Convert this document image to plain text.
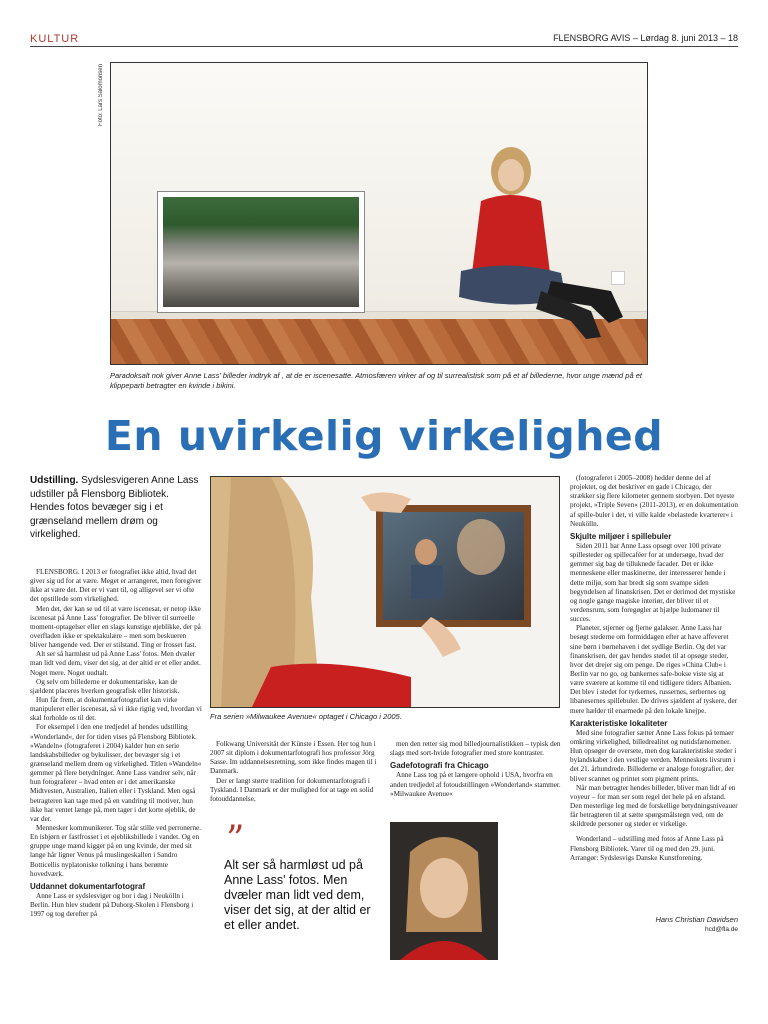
KULTUR	FLENSBORG AVIS – Lørdag 8. juni 2013 – 18
Foto: Lars Salomonsen
Paradoksalt nok giver Anne Lass' billeder indtryk af , at de er iscenesatte. Atmosfæren virker af og til surrealistisk som på et af billederne, hvor unge mænd på et klippeparti betragter en kvinde i bikini.
En uvirkelig virkelighed
Udstilling. Sydslesvigeren Anne Lass udstiller på Flensborg Bibliotek. Hendes fotos bevæger sig i et grænseland mellem drøm og virkelighed.

FLENSBORG. I 2013 er fotografiet ikke altid, hvad det giver sig ud for at være. Meget er arrangeret, men foregiver ikke at være det. Det er vi vant til, og alligevel ser vi ofte det opstillede som virkelighed.

Men det, der kan se ud til at være iscenesat, er netop ikke iscenesat på Anne Lass' fotografier. De bliver til surreelle moment-optagelser eller en slags kunstige øjeblikke, der på overfladen ikke er spektakulære – men som beskueren bliver hængende ved. Der er stilstand. Ting er frosset fast.

Alt ser så harmløst ud på Anne Lass' fotos. Men dvæler man lidt ved dem, viser det sig, at der altid er et eller andet. Noget mere. Noget uudtalt.

Og selv om billederne er dokumentariske, kan de sjældent placeres hverken geografisk eller historisk.

Hun får frem, at dokumentarfotografiet kan virke manipuleret eller iscenesat, så vi ikke rigtig ved, hvordan vi skal forholde os til det.

For eksempel i den ene tredjedel af hendes udstilling »Wonderland«, der for tiden vises på Flensborg Bibliotek. »Wandeln« (fotograferet i 2004) kalder hun en serie landskabsbilleder og bykulisser, der bevæger sig i et grænseland mellem drøm og virkelighed. Titlen »Wandeln« gemmer på flere betydninger. Anne Lass vandrer selv, når hun fotograferer – hvad enten er i det amerikanske Midtvesten, Australien, Italien eller i Tyskland. Men også betragteren kan tage med på en vandring til motiver, hun ikke har ventet længe på, men tager i det korte øjeblik, de var der.

Mennesker kommunikerer. Tog står stille ved perronerne. En isbjørn er fastfrosset i et øjebliksbillede i vandet. Og en gruppe unge mænd kigger på en ung kvinde, der med sit lange hår ligner Venus på muslingeskallen i Sandro Botticellis nyplatoniske tolkning i hans berømte hovedværk.

Uddannet dokumentarfotograf

Anne Lass er sydslesviger og bor i dag i Neukölln i Berlin. Hun blev student på Duborg-Skolen i Flensborg i 1997 og tog derefter på

Fra serien »Milwaukee Avenue« optaget i Chicago i 2005.

Folkwang Universität der Künste i Essen. Her tog hun i 2007 sit diplom i dokumentarfotografi hos professor Jörg Sasse. Im uddannelsesretning, som ikke findes magen til i Danmark.

Der er langt større tradition for dokumentarfotografi i Tyskland. I Danmark er der mulighed for at tage en solid fotouddannelse,

men den retter sig mod billedjournalistikken – typisk den slags med sort-hvide fotografier med store kontraster.

Gadefotografi fra Chicago

Anne Lass tog på et længere ophold i USA, hvorfra en anden tredjedel af fotoudstillingen »Wonderland« stammer. »Milwaukee Avenue«

”
Alt ser så harmløst ud på Anne Lass' fotos. Men dvæler man lidt ved dem, viser det sig, at der altid er et eller andet.

(fotograferet i 2005–2008) hedder denne del af projektet, og det beskriver en gade i Chicago, der strækker sig flere kilometer gennem storbyen. Det nyeste projekt, »Triple Seven« (2011-2013), er en dokumentation af spille-buler i det, vi ville kalde »belastede kvarterer« i Neukölln.

Skjulte miljøer i spillebuler

Siden 2011 har Anne Lass opsøgt over 100 private spillesteder og spillecaféer for at undersøge, hvad der gemmer sig bag de tilluknede facader. Det er ikke menneskene eller maskinerne, der interesserer hende i dette miljø, som har bredt sig som svampe siden begyndelsen af finanskrisen. Det er derimod det mystiske og nogle gange magiske interiør, der bliver til et verdensrum, som foregøgler at hjælpe ludomaner til succes.

Planeter, stjerner og fjerne galakser. Anne Lass har besøgt stederne om formiddagen efter at have affeveret sine børn i børnehaven i det sydlige Berlin. Og det var finanskrisen, der gav hendes stødet til at opsøge steder, hvor det drejer sig om penge. De riges »China Club« i Berlin var no go, og bankernes safe-bokse viste sig at være sværere at komme til end tidligere tiders Albanien. Det blev i stedet for tyrkernes, russernes, serbernes og libanesernes spillebuler. De drives sjældent af tyskere, der mere hælder til enarmede på den lokale knejpe.

Karakteristiske lokaliteter

Med sine fotografier sætter Anne Lass fokus på temaer omkring virkelighed, billedrealitet og nutidsfænomener. Hun opsøger de oversete, men dog karakteristiske steder i bylandskaber i den vestlige verden. Menneskets livsrum i det 21. århundrede. Billederne er analoge fotografier, der bliver scannet og printet som pigment prints.

Når man betragter hendes billeder, bliver man lidt af en voyeur – for man ser som regel det hele på en afstand. Den mesterlige leg med de forskellige betydningsniveauer får betragteren til at sætte spørgsmålstegn ved, om de skildrede personer og steder er virkelige.

Wonderland – udstilling med fotos af Anne Lass på Flensborg Bibliotek. Varer til og med den 29. juni. Arrangør: Sydslesvigs Danske Kunstforening.

Hans Christian Davidsen
hcd@fla.de
